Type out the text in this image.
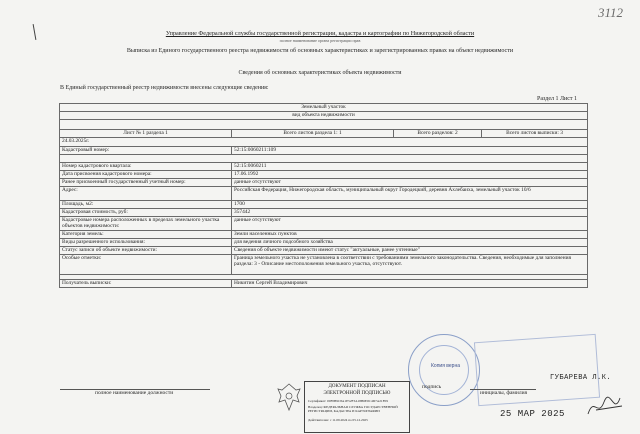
3112
Управление Федеральной службы государственной регистрации, кадастра и картографии по Нижегородской области
полное наименование органа регистрации прав
Выписка из Единого государственного реестра недвижимости об основных характеристиках и зарегистрированных правах на объект недвижимости
Сведения об основных характеристиках объекта недвижимости
В Единый государственный реестр недвижимости внесены следующие сведения:
Раздел 1 Лист 1
Земельный участок			
вид объекта недвижимости			

Лист № 1 раздела 1	Всего листов раздела 1: 1	Всего разделов: 2	Всего листов выписки: 3
24.03.2025г.			
Кадастровый номер:	52:15:0060211:109		

Номер кадастрового квартала:	52:15:0060211		
Дата присвоения кадастрового номера:	17.06.1992		
Ранее присвоенный государственный учетный номер:	данные отсутствуют		
Адрес:	Российская Федерация, Нижегородская область, муниципальный округ Городецкий, деревня Ахлебаиха, земельный участок 10/6		
Площадь, м2:	1700		
Кадастровая стоимость, руб:	357442		
Кадастровые номера расположенных в пределах земельного участка объектов недвижимости:	данные отсутствуют		
Категория земель:	Земли населенных пунктов		
Виды разрешенного использования:	для ведения личного подсобного хозяйства		
Статус записи об объекте недвижимости:	Сведения об объекте недвижимости имеют статус "актуальные, ранее учтенные"		
Особые отметки:	Граница земельного участка не установлена в соответствии с требованиями земельного законодательства. Сведения, необходимые для заполнения раздела: 3 - Описание местоположения земельного участка, отсутствуют.		

Получатель выписки:	Никитин Сергей Владимирович		
Копия верна
полное наименование должности
ДОКУМЕНТ ПОДПИСАН
ЭЛЕКТРОННОЙ ПОДПИСЬЮ
Сертификат: 00F0B9C8A1E52F3A18B6E0C4D7A21F09
Владелец: ФЕДЕРАЛЬНАЯ СЛУЖБА ГОСУДАРСТВЕННОЙ РЕГИСТРАЦИИ, КАДАСТРА И КАРТОГРАФИИ
Действителен: с 11.09.2024 по 05.12.2025
подпись
инициалы, фамилия
25 МАР 2025
ГУБАРЕВА Л.К.
